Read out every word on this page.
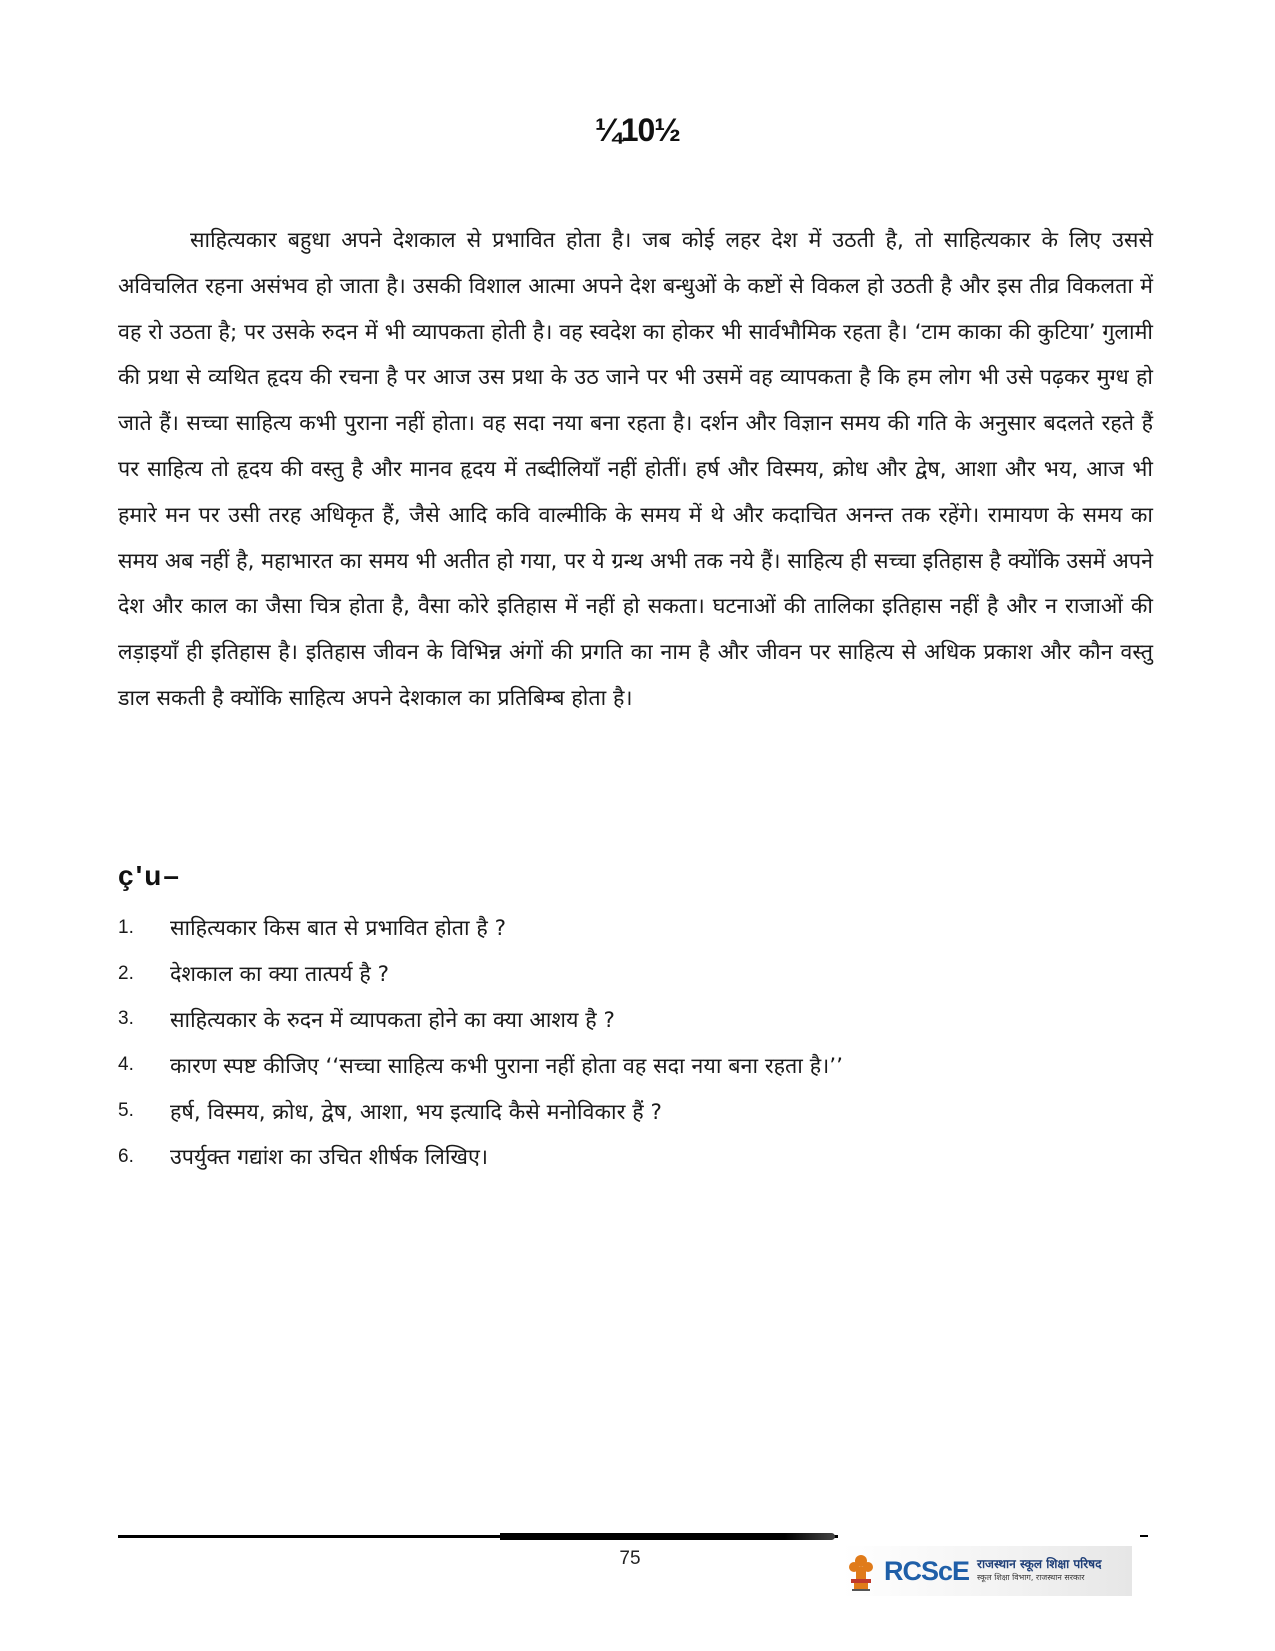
¼10½

साहित्यकार बहुधा अपने देशकाल से प्रभावित होता है। जब कोई लहर देश में उठती है, तो साहित्यकार के लिए उससे अविचलित रहना असंभव हो जाता है। उसकी विशाल आत्मा अपने देश बन्धुओं के कष्टों से विकल हो उठती है और इस तीव्र विकलता में वह रो उठता है; पर उसके रुदन में भी व्यापकता होती है। वह स्वदेश का होकर भी सार्वभौमिक रहता है। ‘टाम काका की कुटिया’ गुलामी की प्रथा से व्यथित हृदय की रचना है पर आज उस प्रथा के उठ जाने पर भी उसमें वह व्यापकता है कि हम लोग भी उसे पढ़कर मुग्ध हो जाते हैं। सच्चा साहित्य कभी पुराना नहीं होता। वह सदा नया बना रहता है। दर्शन और विज्ञान समय की गति के अनुसार बदलते रहते हैं पर साहित्य तो हृदय की वस्तु है और मानव हृदय में तब्दीलियाँ नहीं होतीं। हर्ष और विस्मय, क्रोध और द्वेष, आशा और भय, आज भी हमारे मन पर उसी तरह अधिकृत हैं, जैसे आदि कवि वाल्मीकि के समय में थे और कदाचित अनन्त तक रहेंगे। रामायण के समय का समय अब नहीं है, महाभारत का समय भी अतीत हो गया, पर ये ग्रन्थ अभी तक नये हैं। साहित्य ही सच्चा इतिहास है क्योंकि उसमें अपने देश और काल का जैसा चित्र होता है, वैसा कोरे इतिहास में नहीं हो सकता। घटनाओं की तालिका इतिहास नहीं है और न राजाओं की लड़ाइयाँ ही इतिहास है। इतिहास जीवन के विभिन्न अंगों की प्रगति का नाम है और जीवन पर साहित्य से अधिक प्रकाश और कौन वस्तु डाल सकती है क्योंकि साहित्य अपने देशकाल का प्रतिबिम्ब होता है।

ç'u–
1.	साहित्यकार किस बात से प्रभावित होता है ?
2.	देशकाल का क्या तात्पर्य है ?
3.	साहित्यकार के रुदन में व्यापकता होने का क्या आशय है ?
4.	कारण स्पष्ट कीजिए ‘‘सच्चा साहित्य कभी पुराना नहीं होता वह सदा नया बना रहता है।’’
5.	हर्ष, विस्मय, क्रोध, द्वेष, आशा, भय इत्यादि कैसे मनोविकार हैं ?
6.	उपर्युक्त गद्यांश का उचित शीर्षक लिखिए।
75	RCScE राजस्थान स्कूल शिक्षा परिषद
स्कूल शिक्षा विभाग, राजस्थान सरकार
